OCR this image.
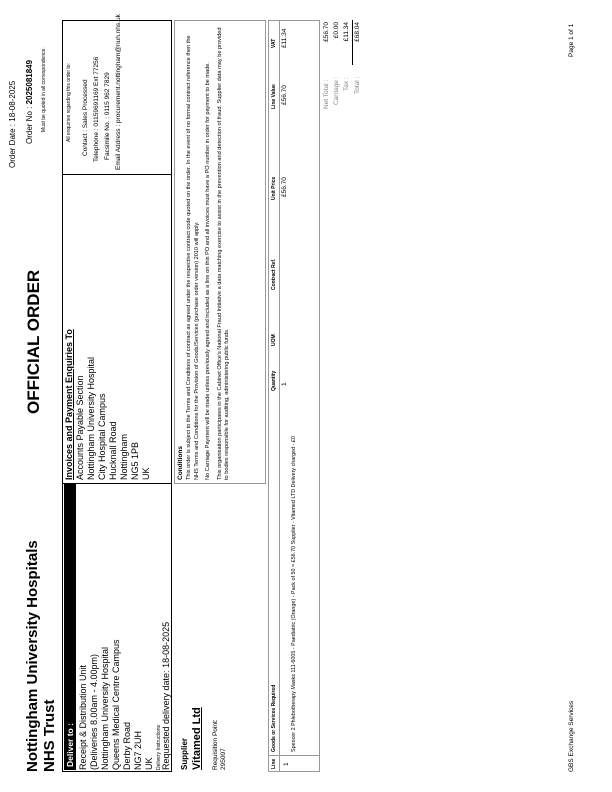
Nottingham University Hospitals NHS Trust
OFFICIAL ORDER
Order Date : 18-08-2025
Order No : 2025081849 Must be quoted in all correspondence.
Deliver to : Receipt & Distribution Unit (Deliveries 8.00am - 4.00pm) Nottingham University Hospital Queens Medical Centre Campus Derby Road NG7 2UH UK Delivery Instructions Requested delivery date: 18-08-2025
Invoices and Payment Enquiries To Accounts Payable Section Nottingham University Hospital City Hospital Campus Hucknall Road Nottingham NG5 1PB UK
All enquiries regarding this order to:	Contact : Sales Processed Telephone : 01159691169 Ext 77256 Facsimile No. : 0115 962 7829 Email Address : procurement.nottingham@nuh.nhs.uk
Supplier Vitamed Ltd Requisition Point: 295007
Conditions This order is subject to the Terms and Conditions of contract as agreed under the respective contract code quoted on the order. In the event of no formal contract reference then the NHS Terms and Conditions for the Provision of Goods/Services (purchase order version) 2010 will apply. No Carriage Payment will be made unless previously agreed and included as a line on this PO and all invoices must have a PO number in order for payment to be made. This organisation participates in the Cabinet Office's National Fraud Initiative a data matching exercise to assist in the prevention and detection of fraud. Supplier data may be provided to bodies responsible for auditing, administering public funds.

Line
Goods or Services Required
Quantity
UOM
Contract Ref.
Unit Price
Line Value
VAT
1
Spencer 2 Phlebotherapy Masks 111-6005 - Paediatric (Orange) - Pack of 50 = £56.70 Supplier - Vitamed LTD Delivery charged - £0
1
£56.70
£56.70
£11.34
Net Total :
£56.70
Carriage :
£0.00
Tax :
£11.34
Total :
£68.04
GBS Exchange Services
Page 1 of 1
